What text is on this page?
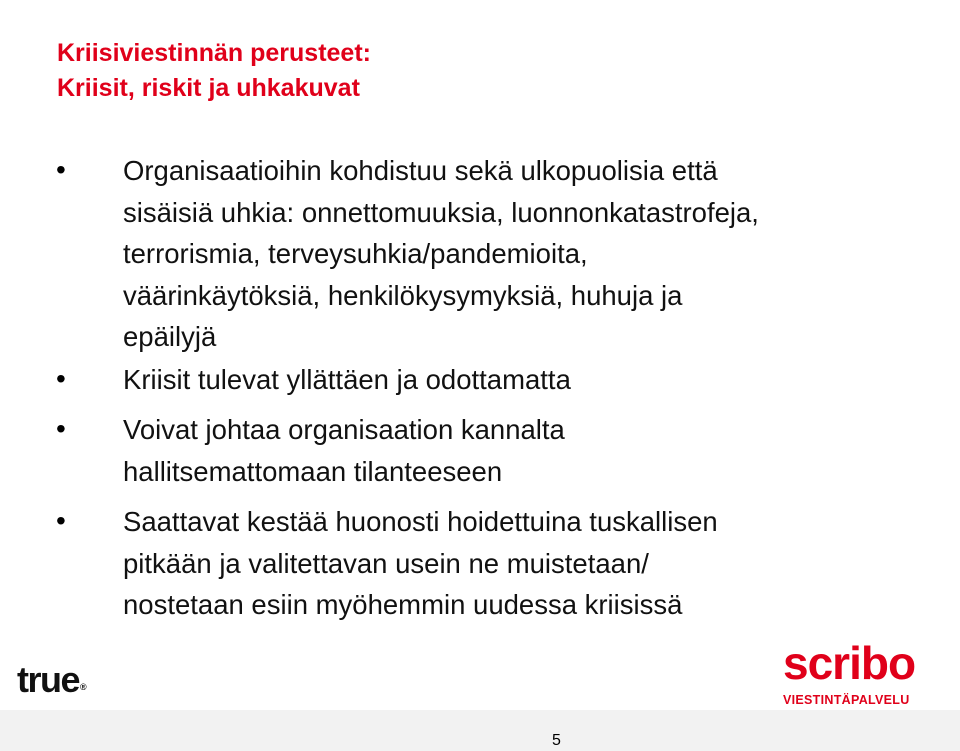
Kriisiviestinnän perusteet:
Kriisit, riskit ja uhkakuvat
• Organisaatioihin kohdistuu sekä ulkopuolisia että
sisäisiä uhkia: onnettomuuksia, luonnonkatastrofeja,
terrorismia, terveysuhkia/pandemioita,
väärinkäytöksiä, henkilökysymyksiä, huhuja ja
epäilyjä
• Kriisit tulevat yllättäen ja odottamatta
• Voivat johtaa organisaation kannalta
hallitsemattomaan tilanteeseen
• Saattavat kestää huonosti hoidettuina tuskallisen
pitkään ja valitettavan usein ne muistetaan/
nostetaan esiin myöhemmin uudessa kriisissä
true®	scribo
VIESTINTÄPALVELU
5
